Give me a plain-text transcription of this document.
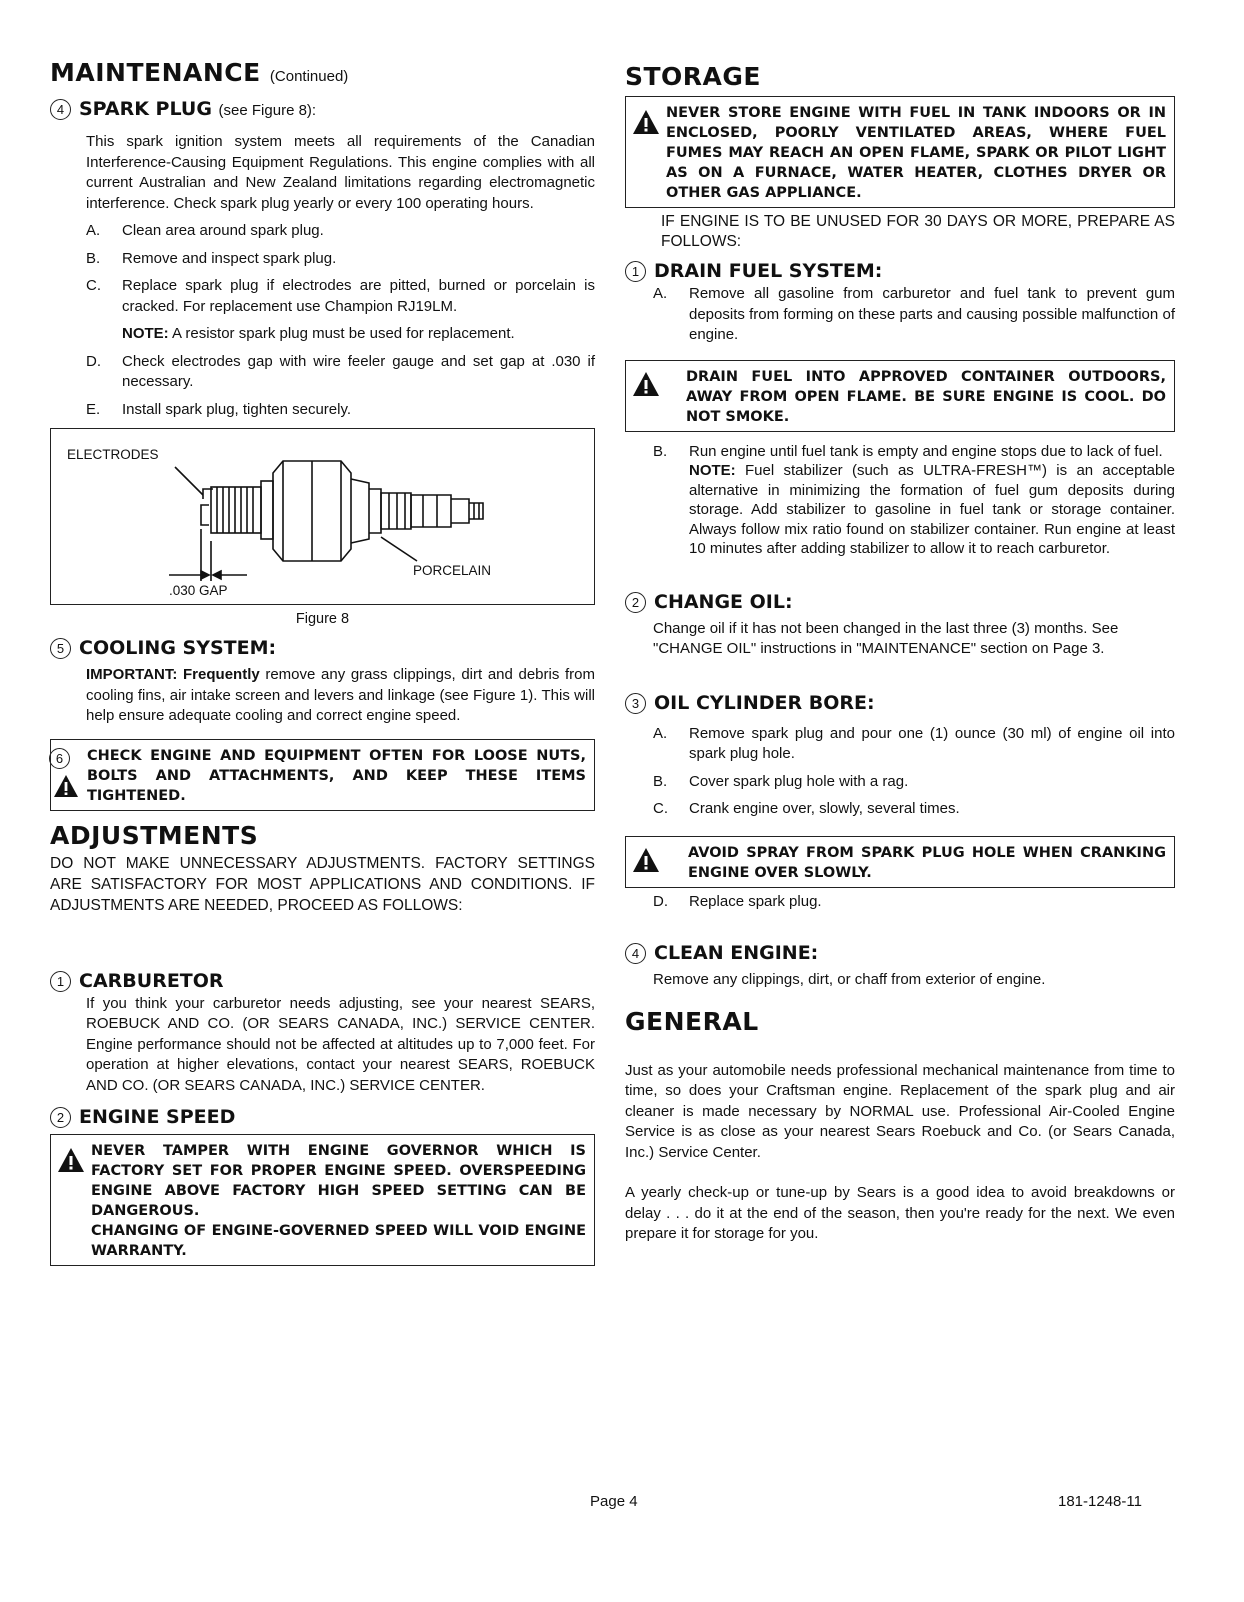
MAINTENANCE (Continued)
4 SPARK PLUG (see Figure 8):

This spark ignition system meets all requirements of the Canadian Interference-Causing Equipment Regulations. This engine complies with all current Australian and New Zealand limitations regarding electromagnetic interference. Check spark plug yearly or every 100 operating hours.

A.	Clean area around spark plug.
B.	Remove and inspect spark plug.
C.	Replace spark plug if electrodes are pitted, burned or porcelain is cracked. For replacement use Champion RJ19LM.
NOTE: A resistor spark plug must be used for replacement.
D.	Check electrodes gap with wire feeler gauge and set gap at .030 if necessary.
E.	Install spark plug, tighten securely.
ELECTRODES
PORCELAIN
.030 GAP
Figure 8
5 COOLING SYSTEM:

IMPORTANT: Frequently remove any grass clippings, dirt and debris from cooling fins, air intake screen and levers and linkage (see Figure 1). This will help ensure adequate cooling and correct engine speed.

6	CHECK ENGINE AND EQUIPMENT OFTEN FOR LOOSE NUTS, BOLTS AND ATTACHMENTS, AND KEEP THESE ITEMS TIGHTENED.
ADJUSTMENTS

DO NOT MAKE UNNECESSARY ADJUSTMENTS. FACTORY SETTINGS ARE SATISFACTORY FOR MOST APPLICATIONS AND CONDITIONS. IF ADJUSTMENTS ARE NEEDED, PROCEED AS FOLLOWS:

1 CARBURETOR

If you think your carburetor needs adjusting, see your nearest SEARS, ROEBUCK AND CO. (OR SEARS CANADA, INC.) SERVICE CENTER. Engine performance should not be affected at altitudes up to 7,000 feet. For operation at higher elevations, contact your nearest SEARS, ROEBUCK AND CO. (OR SEARS CANADA, INC.) SERVICE CENTER.

2 ENGINE SPEED
NEVER TAMPER WITH ENGINE GOVERNOR WHICH IS FACTORY SET FOR PROPER ENGINE SPEED. OVERSPEEDING ENGINE ABOVE FACTORY HIGH SPEED SETTING CAN BE DANGEROUS.
CHANGING OF ENGINE-GOVERNED SPEED WILL VOID ENGINE WARRANTY.
STORAGE
NEVER STORE ENGINE WITH FUEL IN TANK INDOORS OR IN ENCLOSED, POORLY VENTILATED AREAS, WHERE FUEL FUMES MAY REACH AN OPEN FLAME, SPARK OR PILOT LIGHT AS ON A FURNACE, WATER HEATER, CLOTHES DRYER OR OTHER GAS APPLIANCE.

IF ENGINE IS TO BE UNUSED FOR 30 DAYS OR MORE, PREPARE AS FOLLOWS:

1 DRAIN FUEL SYSTEM:
A.	Remove all gasoline from carburetor and fuel tank to prevent gum deposits from forming on these parts and causing possible malfunction of engine.
DRAIN FUEL INTO APPROVED CONTAINER OUTDOORS, AWAY FROM OPEN FLAME. BE SURE ENGINE IS COOL. DO NOT SMOKE.
B.	Run engine until fuel tank is empty and engine stops due to lack of fuel.
NOTE: Fuel stabilizer (such as ULTRA-FRESH™) is an acceptable alternative in minimizing the formation of fuel gum deposits during storage. Add stabilizer to gasoline in fuel tank or storage container. Always follow mix ratio found on stabilizer container. Run engine at least 10 minutes after adding stabilizer to allow it to reach carburetor.
2 CHANGE OIL:

Change oil if it has not been changed in the last three (3) months. See "CHANGE OIL" instructions in "MAINTENANCE" section on Page 3.

3 OIL CYLINDER BORE:
A.	Remove spark plug and pour one (1) ounce (30 ml) of engine oil into spark plug hole.
B.	Cover spark plug hole with a rag.
C.	Crank engine over, slowly, several times.
AVOID SPRAY FROM SPARK PLUG HOLE WHEN CRANKING ENGINE OVER SLOWLY.
D.	Replace spark plug.
4 CLEAN ENGINE:

Remove any clippings, dirt, or chaff from exterior of engine.

GENERAL

Just as your automobile needs professional mechanical maintenance from time to time, so does your Craftsman engine. Replacement of the spark plug and air cleaner is made necessary by NORMAL use. Professional Air-Cooled Engine Service is as close as your nearest Sears Roebuck and Co. (or Sears Canada, Inc.) Service Center.

A yearly check-up or tune-up by Sears is a good idea to avoid breakdowns or delay . . . do it at the end of the season, then you're ready for the next. We even prepare it for storage for you.

Page 4	181-1248-11
